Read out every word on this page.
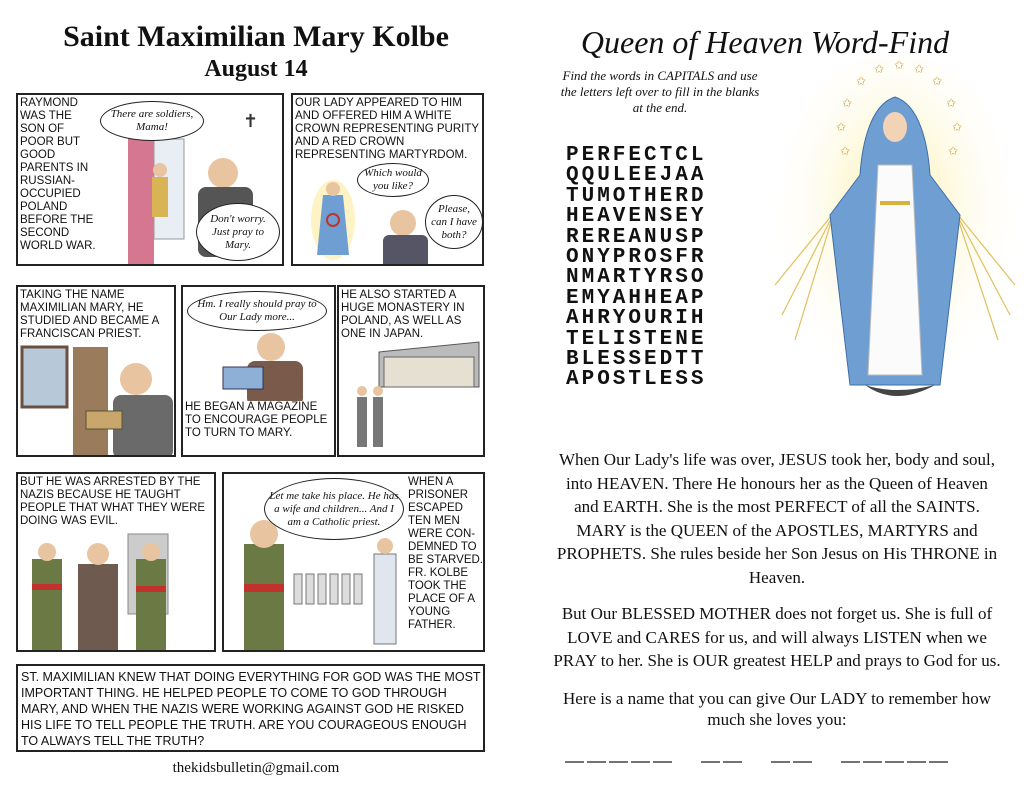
Saint Maximilian Mary Kolbe
August 14
RAYMOND WAS THE SON OF POOR BUT GOOD PARENTS IN RUSSIAN-OCCUPIED POLAND BEFORE THE SECOND WORLD WAR.
There are soldiers, Mama!
Don't worry. Just pray to Mary.
✝
OUR LADY APPEARED TO HIM AND OFFERED HIM A WHITE CROWN REPRESENTING PURITY AND A RED CROWN REPRESENTING MARTYRDOM.
Which would you like?
Please, can I have both?
TAKING THE NAME MAXIMILIAN MARY, HE STUDIED AND BECAME A FRANCISCAN PRIEST.
Hm. I really should pray to Our Lady more...
HE BEGAN A MAGAZINE TO ENCOURAGE PEOPLE TO TURN TO MARY.
HE ALSO STARTED A HUGE MONASTERY IN POLAND, AS WELL AS ONE IN JAPAN.
BUT HE WAS ARRESTED BY THE NAZIS BECAUSE HE TAUGHT PEOPLE THAT WHAT THEY WERE DOING WAS EVIL.
Let me take his place. He has a wife and children... And I am a Catholic priest.
WHEN A PRISONER ESCAPED TEN MEN WERE CON-DEMNED TO BE STARVED. FR. KOLBE TOOK THE PLACE OF A YOUNG FATHER.
ST. MAXIMILIAN KNEW THAT DOING EVERYTHING FOR GOD WAS THE MOST IMPORTANT THING. HE HELPED PEOPLE TO COME TO GOD THROUGH MARY, AND WHEN THE NAZIS WERE WORKING AGAINST GOD HE RISKED HIS LIFE TO TELL PEOPLE THE TRUTH. ARE YOU COURAGEOUS ENOUGH TO ALWAYS TELL THE TRUTH?
thekidsbulletin@gmail.com
Queen of Heaven Word-Find
Find the words in CAPITALS and use the letters left over to fill in the blanks at the end.
PERFECTCL
QQULEEJAA
TUMOTHERD
HEAVENSEY
REREANUSP
ONYPROSFR
NMARTYRSO
EMYAHHEAP
AHRYOURIH
TELISTENE
BLESSEDTT
APOSTLESS
✩
✩
✩ ✩ ✩
✩
✩
✩	✩
✩	✩
When Our Lady's life was over, JESUS took her, body and soul, into HEAVEN. There He honours her as the Queen of Heaven and EARTH. She is the most PERFECT of all the SAINTS. MARY is the QUEEN of the APOSTLES, MARTYRS and PROPHETS. She rules beside her Son Jesus on His THRONE in Heaven.
But Our BLESSED MOTHER does not forget us. She is full of LOVE and CARES for us, and will always LISTEN when we PRAY to her. She is OUR greatest HELP and prays to God for us.
Here is a name that you can give Our LADY to remember how much she loves you:
